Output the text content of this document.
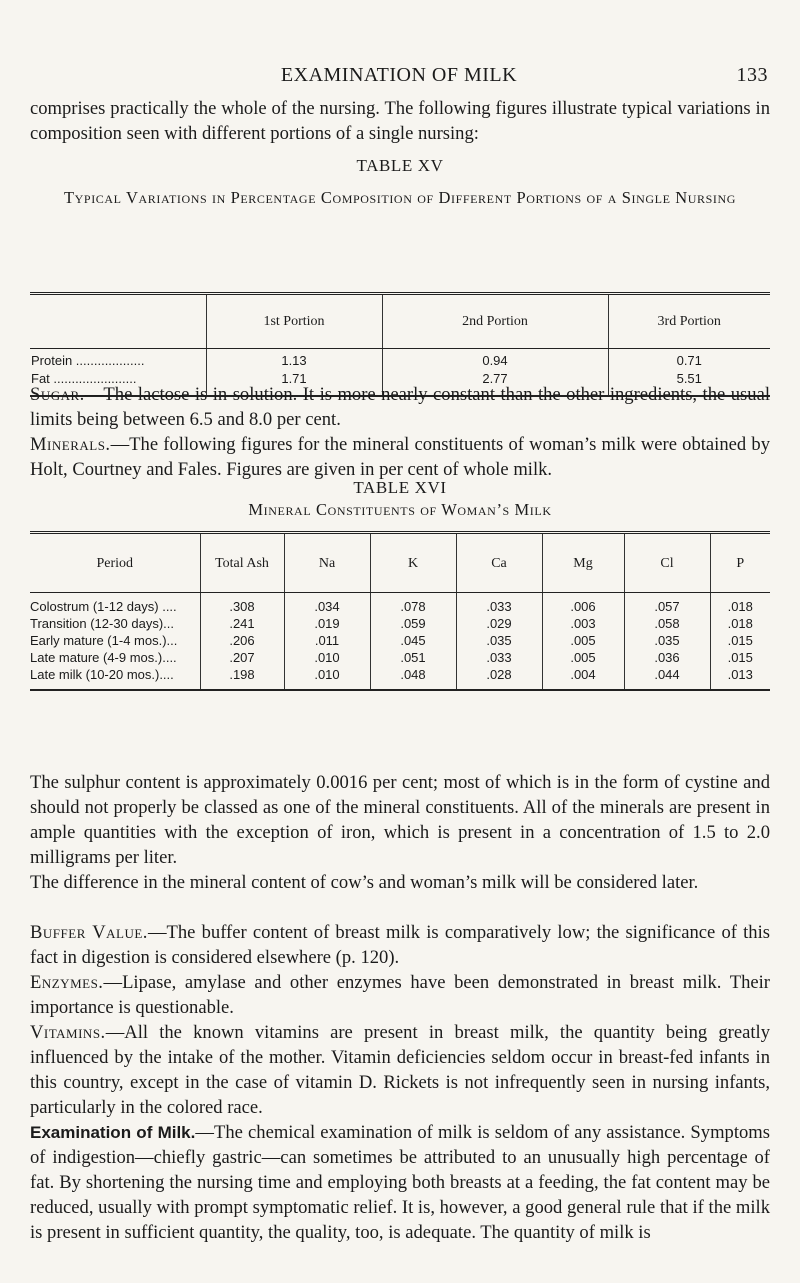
EXAMINATION OF MILK	133
comprises practically the whole of the nursing. The following figures illustrate typical variations in composition seen with different portions of a single nursing:
TABLE XV
Typical Variations in Percentage Composition of Different Portions of a Single Nursing
	1st Portion	2nd Portion	3rd Portion
Protein ...................	1.13	0.94	0.71
Fat .......................	1.71	2.77	5.51
Sugar.—The lactose is in solution. It is more nearly constant than the other ingredients, the usual limits being between 6.5 and 8.0 per cent.
Minerals.—The following figures for the mineral constituents of woman’s milk were obtained by Holt, Courtney and Fales. Figures are given in per cent of whole milk.
TABLE XVI
Mineral Constituents of Woman’s Milk
Period	Total Ash	Na	K	Ca	Mg	Cl	P
Colostrum (1-12 days) ....	.308	.034	.078	.033	.006	.057	.018
Transition (12-30 days)...	.241	.019	.059	.029	.003	.058	.018
Early mature (1-4 mos.)...	.206	.011	.045	.035	.005	.035	.015
Late mature (4-9 mos.)....	.207	.010	.051	.033	.005	.036	.015
Late milk (10-20 mos.)....	.198	.010	.048	.028	.004	.044	.013
The sulphur content is approximately 0.0016 per cent; most of which is in the form of cystine and should not properly be classed as one of the mineral constituents. All of the minerals are present in ample quantities with the exception of iron, which is present in a concentration of 1.5 to 2.0 milligrams per liter.
The difference in the mineral content of cow’s and woman’s milk will be considered later.
Buffer Value.—The buffer content of breast milk is comparatively low; the significance of this fact in digestion is considered elsewhere (p. 120).
Enzymes.—Lipase, amylase and other enzymes have been demonstrated in breast milk. Their importance is questionable.
Vitamins.—All the known vitamins are present in breast milk, the quantity being greatly influenced by the intake of the mother. Vitamin deficiencies seldom occur in breast-fed infants in this country, except in the case of vitamin D. Rickets is not infrequently seen in nursing infants, particularly in the colored race.
Examination of Milk.—The chemical examination of milk is seldom of any assistance. Symptoms of indigestion—chiefly gastric—can sometimes be attributed to an unusually high percentage of fat. By shortening the nursing time and employing both breasts at a feeding, the fat content may be reduced, usually with prompt symptomatic relief. It is, however, a good general rule that if the milk is present in sufficient quantity, the quality, too, is adequate. The quantity of milk is
